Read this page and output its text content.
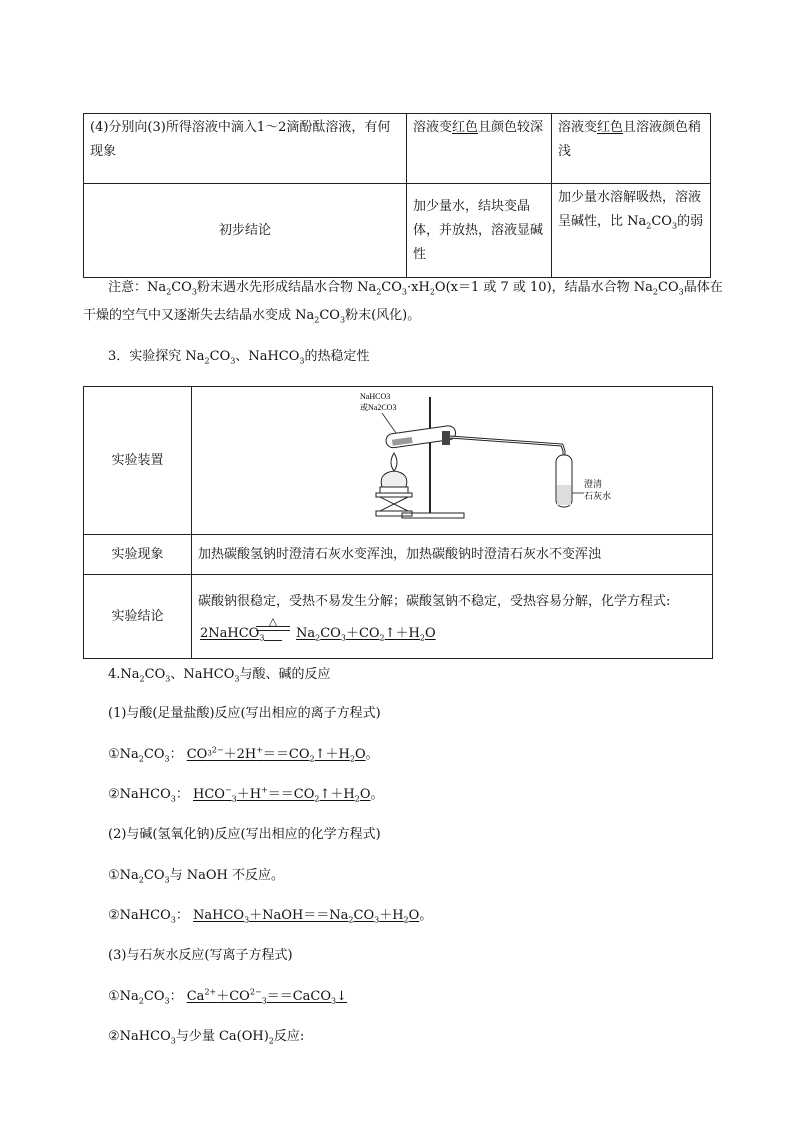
(4)分别向(3)所得溶液中滴入1～2滴酚酞溶液，有何现象	溶液变红色且颜色较深	溶液变红色且溶液颜色稍浅
初步结论	加少量水，结块变晶体，并放热，溶液显碱性	加少量水溶解吸热，溶液呈碱性，比 $Na_2CO_3$的弱
注意：$Na_2CO_3$粉末遇水先形成结晶水合物 $Na_2CO_3\cdot xH_2O(x=1$ 或 7 或 10)，结晶水合物 $Na_2CO_3$晶体在
干燥的空气中又逐渐失去结晶水变成 $Na_2CO_3$粉末(风化)。
3．实验探究 $Na_2CO_3$、NaHCO$_3$的热稳定性
实验装置	NaHCO3
或Na2CO3
澄清
石灰水

实验现象	加热碳酸氢钠时澄清石灰水变浑浊，加热碳酸钠时澄清石灰水不变浑浊
实验结论	碳酸钠很稳定，受热不易发生分解；碳酸氢钠不稳定，受热容易分解，化学方程式:
2NaHCO$_3$
△
$Na_2CO_3+CO_2↑+H_2O$
$4.Na_2CO_3$、NaHCO$_3$与酸、碱的反应
(1)与酸(足量盐酸)反应(写出相应的离子方程式)
$①Na_2CO_3$： $CO^{_32-}+2H^+==CO_2↑+H_2O$。
②NaHCO$_3$： $HCO^-_3+H^+==CO_2↑+H_2O$。
(2)与碱(氢氧化钠)反应(写出相应的化学方程式)
$①Na_2CO_3$与 NaOH 不反应。
②NaHCO$_3$： $NaHCO_3+NaOH==Na_2CO_3+H_2O$。
(3)与石灰水反应(写离子方程式)
$①Na_2CO_3$： $Ca^{2+}+CO^{2-}_3==CaCO_3↓$
②NaHCO$_3$与少量 $Ca(OH)_2$反应:
